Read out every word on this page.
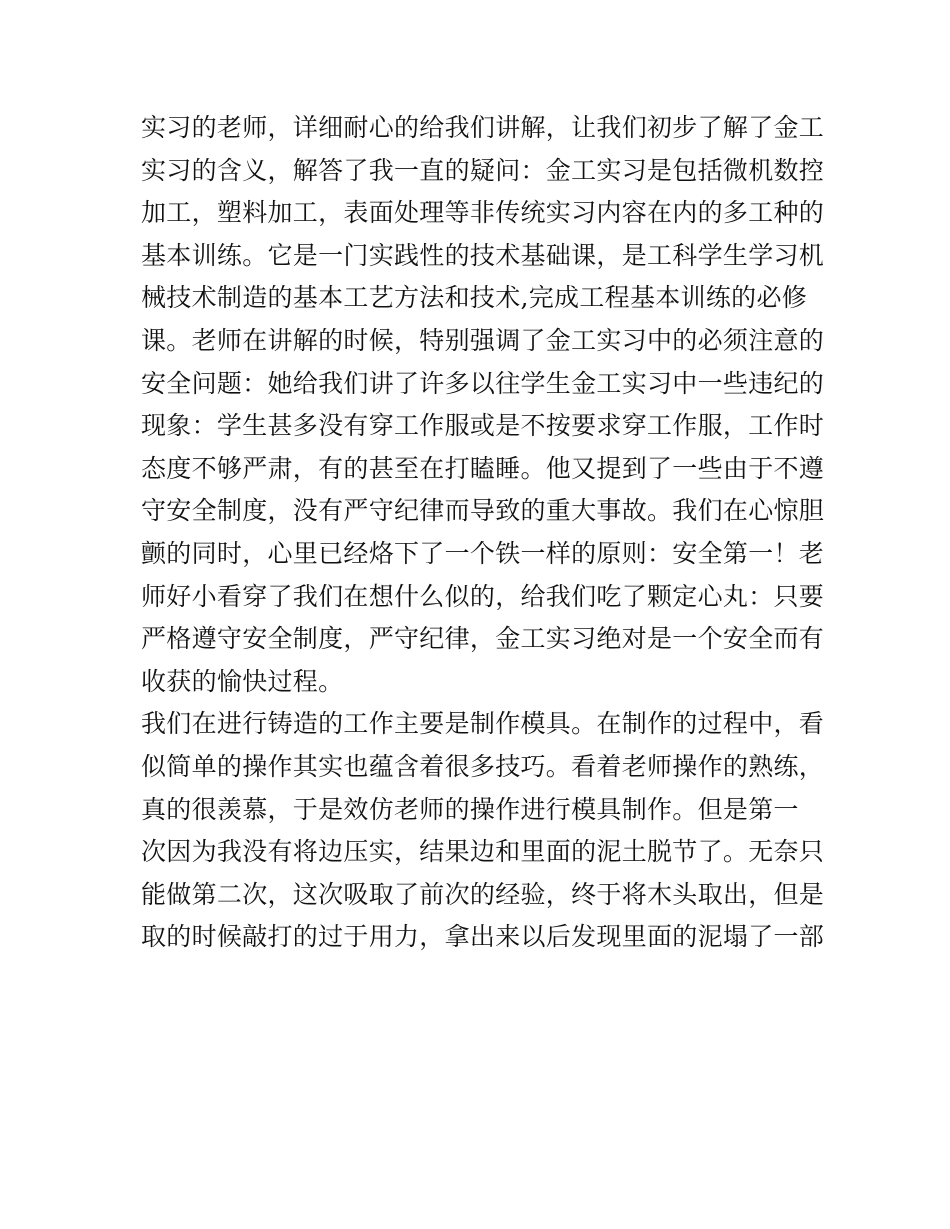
实习的老师，详细耐心的给我们讲解，让我们初步了解了金工
实习的含义，解答了我一直的疑问：金工实习是包括微机数控
加工，塑料加工，表面处理等非传统实习内容在内的多工种的
基本训练。它是一门实践性的技术基础课，是工科学生学习机
械技术制造的基本工艺方法和技术,完成工程基本训练的必修
课。老师在讲解的时候，特别强调了金工实习中的必须注意的
安全问题：她给我们讲了许多以往学生金工实习中一些违纪的
现象：学生甚多没有穿工作服或是不按要求穿工作服，工作时
态度不够严肃，有的甚至在打瞌睡。他又提到了一些由于不遵
守安全制度，没有严守纪律而导致的重大事故。我们在心惊胆
颤的同时，心里已经烙下了一个铁一样的原则：安全第一！老
师好小看穿了我们在想什么似的，给我们吃了颗定心丸：只要
严格遵守安全制度，严守纪律，金工实习绝对是一个安全而有
收获的愉快过程。
我们在进行铸造的工作主要是制作模具。在制作的过程中，看
似简单的操作其实也蕴含着很多技巧。看着老师操作的熟练，
真的很羡慕，于是效仿老师的操作进行模具制作。但是第一
次因为我没有将边压实，结果边和里面的泥土脱节了。无奈只
能做第二次，这次吸取了前次的经验，终于将木头取出，但是
取的时候敲打的过于用力，拿出来以后发现里面的泥塌了一部
